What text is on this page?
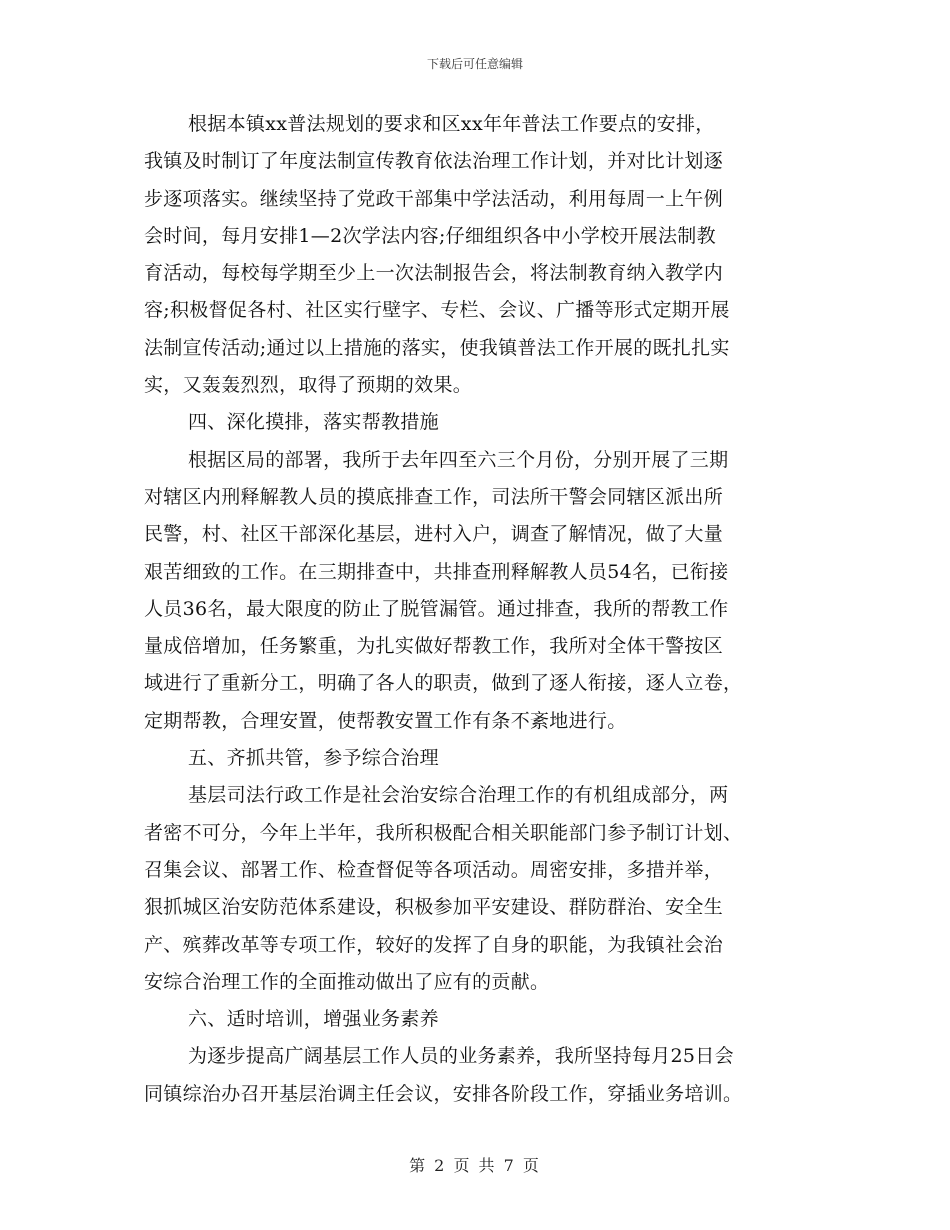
下载后可任意编辑
根据本镇xx普法规划的要求和区xx年年普法工作要点的安排，
我镇及时制订了年度法制宣传教育依法治理工作计划，并对比计划逐
步逐项落实。继续坚持了党政干部集中学法活动，利用每周一上午例
会时间，每月安排1—2次学法内容;仔细组织各中小学校开展法制教
育活动，每校每学期至少上一次法制报告会，将法制教育纳入教学内
容;积极督促各村、社区实行壁字、专栏、会议、广播等形式定期开展
法制宣传活动;通过以上措施的落实，使我镇普法工作开展的既扎扎实
实，又轰轰烈烈，取得了预期的效果。
四、深化摸排，落实帮教措施
根据区局的部署，我所于去年四至六三个月份，分别开展了三期
对辖区内刑释解教人员的摸底排查工作，司法所干警会同辖区派出所
民警，村、社区干部深化基层，进村入户，调查了解情况，做了大量
艰苦细致的工作。在三期排查中，共排查刑释解教人员54名，已衔接
人员36名，最大限度的防止了脱管漏管。通过排查，我所的帮教工作
量成倍增加，任务繁重，为扎实做好帮教工作，我所对全体干警按区
域进行了重新分工，明确了各人的职责，做到了逐人衔接，逐人立卷，
定期帮教，合理安置，使帮教安置工作有条不紊地进行。
五、齐抓共管，参予综合治理
基层司法行政工作是社会治安综合治理工作的有机组成部分，两
者密不可分，今年上半年，我所积极配合相关职能部门参予制订计划、
召集会议、部署工作、检查督促等各项活动。周密安排，多措并举，
狠抓城区治安防范体系建设，积极参加平安建设、群防群治、安全生
产、殡葬改革等专项工作，较好的发挥了自身的职能，为我镇社会治
安综合治理工作的全面推动做出了应有的贡献。
六、适时培训，增强业务素养
为逐步提高广阔基层工作人员的业务素养，我所坚持每月25日会
同镇综治办召开基层治调主任会议，安排各阶段工作，穿插业务培训。
第 2 页 共 7 页
